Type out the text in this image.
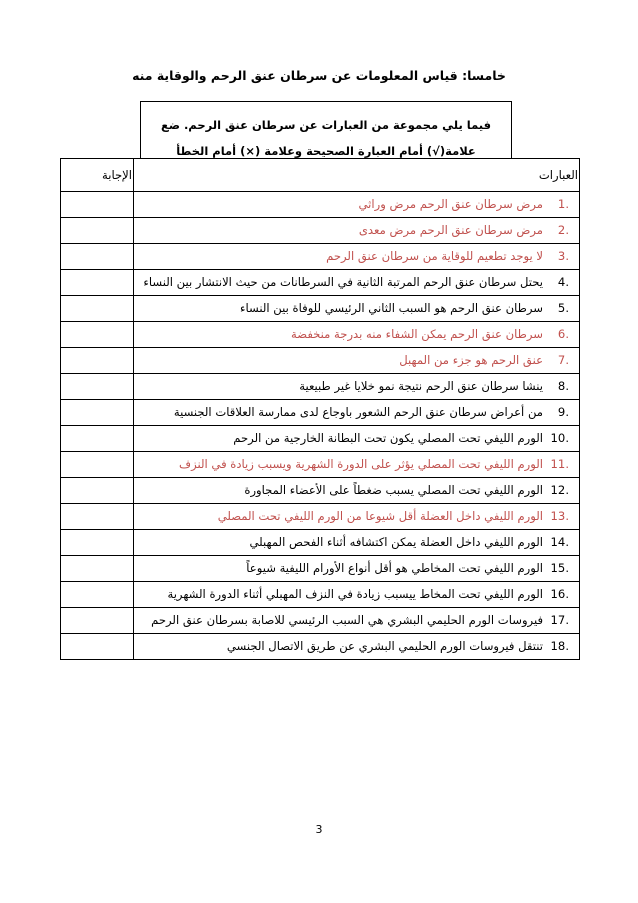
خامسا: قياس المعلومات عن سرطان عنق الرحم والوقاية منه
فيما يلي مجموعة من العبارات عن سرطان عنق الرحم. ضع علامة(√) أمام العبارة الصحيحة وعلامة (×) أمام الخطأ
العبارات	الإجابة
.1مرض سرطان عنق الرحم مرض وراثي	
.2مرض سرطان عنق الرحم مرض معدى	
.3لا يوجد تطعيم للوقاية من سرطان عنق الرحم	
.4يحتل سرطان عنق الرحم المرتبة الثانية في السرطانات من حيث الانتشار بين النساء	
.5سرطان عنق الرحم هو السبب الثاني الرئيسي للوفاة بين النساء	
.6سرطان عنق الرحم يمكن الشفاء منه بدرجة منخفضة	
.7عنق الرحم هو جزء من المهبل	
.8ينشا سرطان عنق الرحم نتيجة نمو خلايا غير طبيعية	
.9من أعراض سرطان عنق الرحم الشعور باوجاع لدى ممارسة العلاقات الجنسية	
.10الورم الليفي تحت المصلي يكون تحت البطانة الخارجية من الرحم	
.11الورم الليفي تحت المصلي يؤثر على الدورة الشهرية ويسبب زيادة في النزف	
.12الورم الليفي تحت المصلي يسبب ضغطاً على الأعضاء المجاورة	
.13الورم الليفي داخل العضلة أقل شيوعا من الورم الليفي تحت المصلي	
.14الورم الليفي داخل العضلة يمكن اكتشافه أثناء الفحص المهبلي	
.15الورم الليفي تحت المخاطي هو أقل أنواع الأورام الليفية شيوعاً	
.16الورم الليفي تحت المخاط ييسبب زيادة في النزف المهبلي أثناء الدورة الشهرية	
.17فيروسات الورم الحليمي البشري هي السبب الرئيسي للاصابة بسرطان عنق الرحم	
.18تنتقل فيروسات الورم الحليمي البشري عن طريق الاتصال الجنسي	
3
